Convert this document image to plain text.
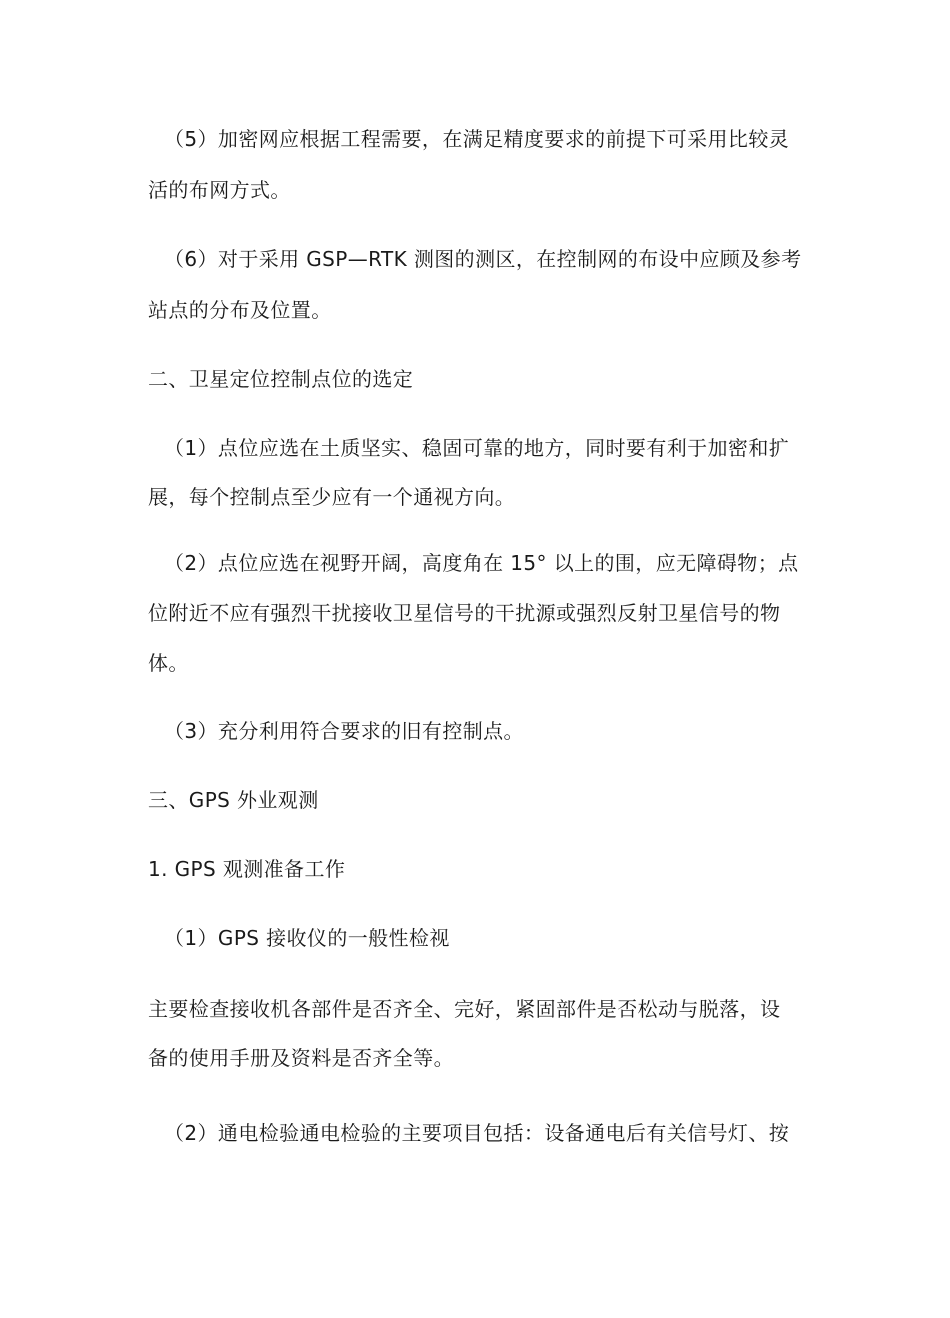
（5）加密网应根据工程需要，在满足精度要求的前提下可采用比较灵

活的布网方式。

（6）对于采用 GSP—RTK 测图的测区，在控制网的布设中应顾及参考

站点的分布及位置。

二、卫星定位控制点位的选定

（1）点位应选在土质坚实、稳固可靠的地方，同时要有利于加密和扩

展，每个控制点至少应有一个通视方向。

（2）点位应选在视野开阔，高度角在 15° 以上的围，应无障碍物；点

位附近不应有强烈干扰接收卫星信号的干扰源或强烈反射卫星信号的物

体。

（3）充分利用符合要求的旧有控制点。

三、GPS 外业观测

1. GPS 观测准备工作

（1）GPS 接收仪的一般性检视

主要检查接收机各部件是否齐全、完好，紧固部件是否松动与脱落，设

备的使用手册及资料是否齐全等。

（2）通电检验通电检验的主要项目包括：设备通电后有关信号灯、按
